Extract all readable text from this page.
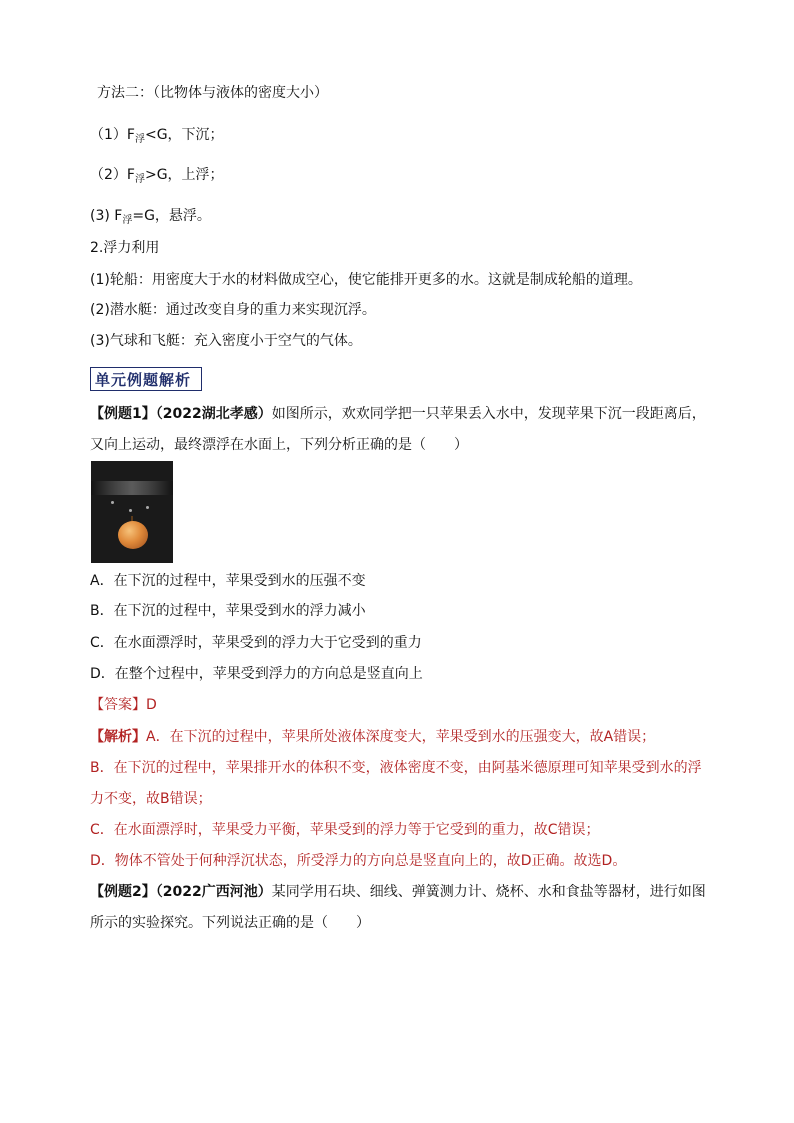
方法二：（比物体与液体的密度大小）
$(1)F_浮<G$，下沉；
$(2)F_浮>G$，上浮；
(3) $F_浮=G$，悬浮。
2.浮力利用
(1)轮船：用密度大于水的材料做成空心，使它能排开更多的水。这就是制成轮船的道理。
(2)潜水艇：通过改变自身的重力来实现沉浮。
(3)气球和飞艇：充入密度小于空气的气体。
单元例题解析
【例题1】（2022湖北孝感）如图所示，欢欢同学把一只苹果丢入水中，发现苹果下沉一段距离后，
又向上运动，最终漂浮在水面上，下列分析正确的是（　　）
A．在下沉的过程中，苹果受到水的压强不变
B．在下沉的过程中，苹果受到水的浮力减小
C．在水面漂浮时，苹果受到的浮力大于它受到的重力
D．在整个过程中，苹果受到浮力的方向总是竖直向上
【答案】D
【解析】A．在下沉的过程中，苹果所处液体深度变大，苹果受到水的压强变大，故A错误；
B．在下沉的过程中，苹果排开水的体积不变，液体密度不变，由阿基米德原理可知苹果受到水的浮
力不变，故B错误；
C．在水面漂浮时，苹果受力平衡，苹果受到的浮力等于它受到的重力，故C错误；
D．物体不管处于何种浮沉状态，所受浮力的方向总是竖直向上的，故D正确。故选D。
【例题2】（2022广西河池）某同学用石块、细线、弹簧测力计、烧杯、水和食盐等器材，进行如图
所示的实验探究。下列说法正确的是（　　）
